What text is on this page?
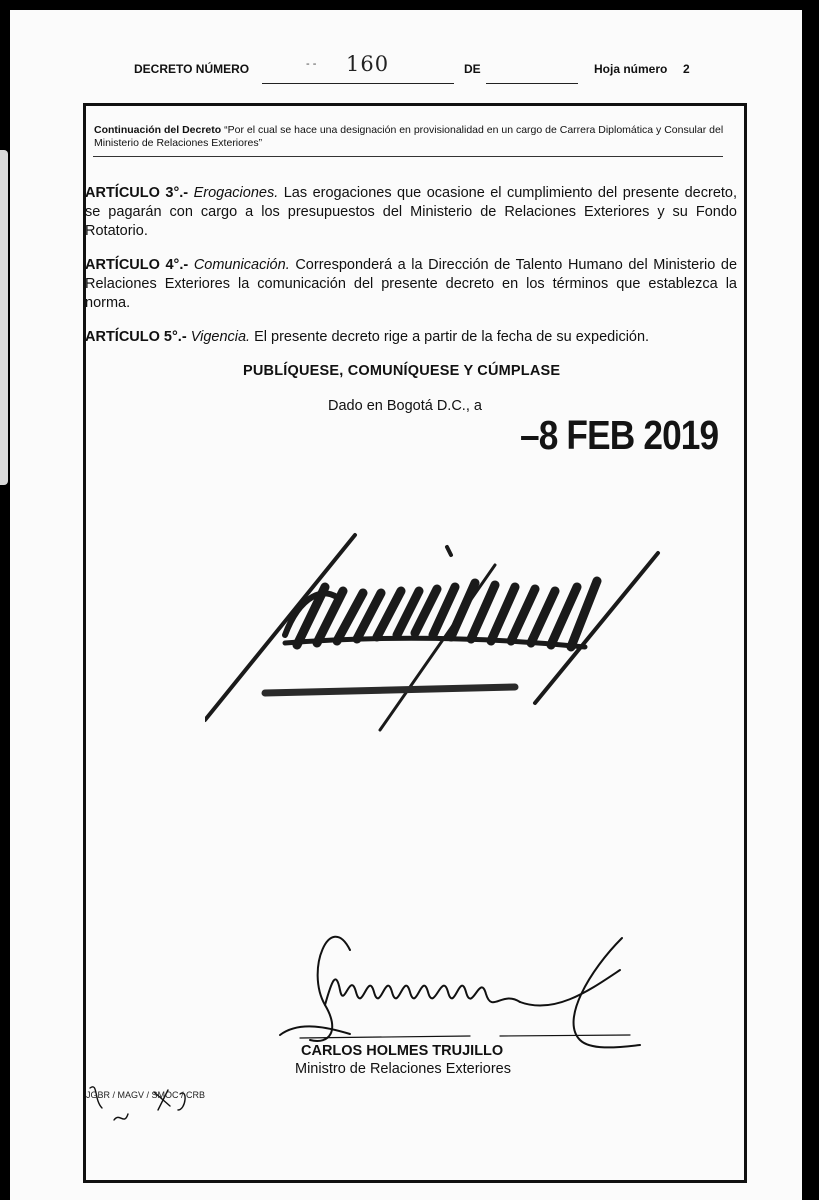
DECRETO NÚMERO	- - 160	DE	Hoja número 2
Continuación del Decreto “Por el cual se hace una designación en provisionalidad en un cargo de Carrera Diplomática y Consular del Ministerio de Relaciones Exteriores”
ARTÍCULO 3°.- Erogaciones. Las erogaciones que ocasione el cumplimiento del presente decreto, se pagarán con cargo a los presupuestos del Ministerio de Relaciones Exteriores y su Fondo Rotatorio.
ARTÍCULO 4°.- Comunicación. Corresponderá a la Dirección de Talento Humano del Ministerio de Relaciones Exteriores la comunicación del presente decreto en los términos que establezca la norma.
ARTÍCULO 5°.- Vigencia. El presente decreto rige a partir de la fecha de su expedición.
PUBLÍQUESE, COMUNÍQUESE Y CÚMPLASE
Dado en Bogotá D.C., a
–8 FEB 2019
CARLOS HOLMES TRUJILLO
Ministro de Relaciones Exteriores
JGBR / MAGV / SMOC / CRB
